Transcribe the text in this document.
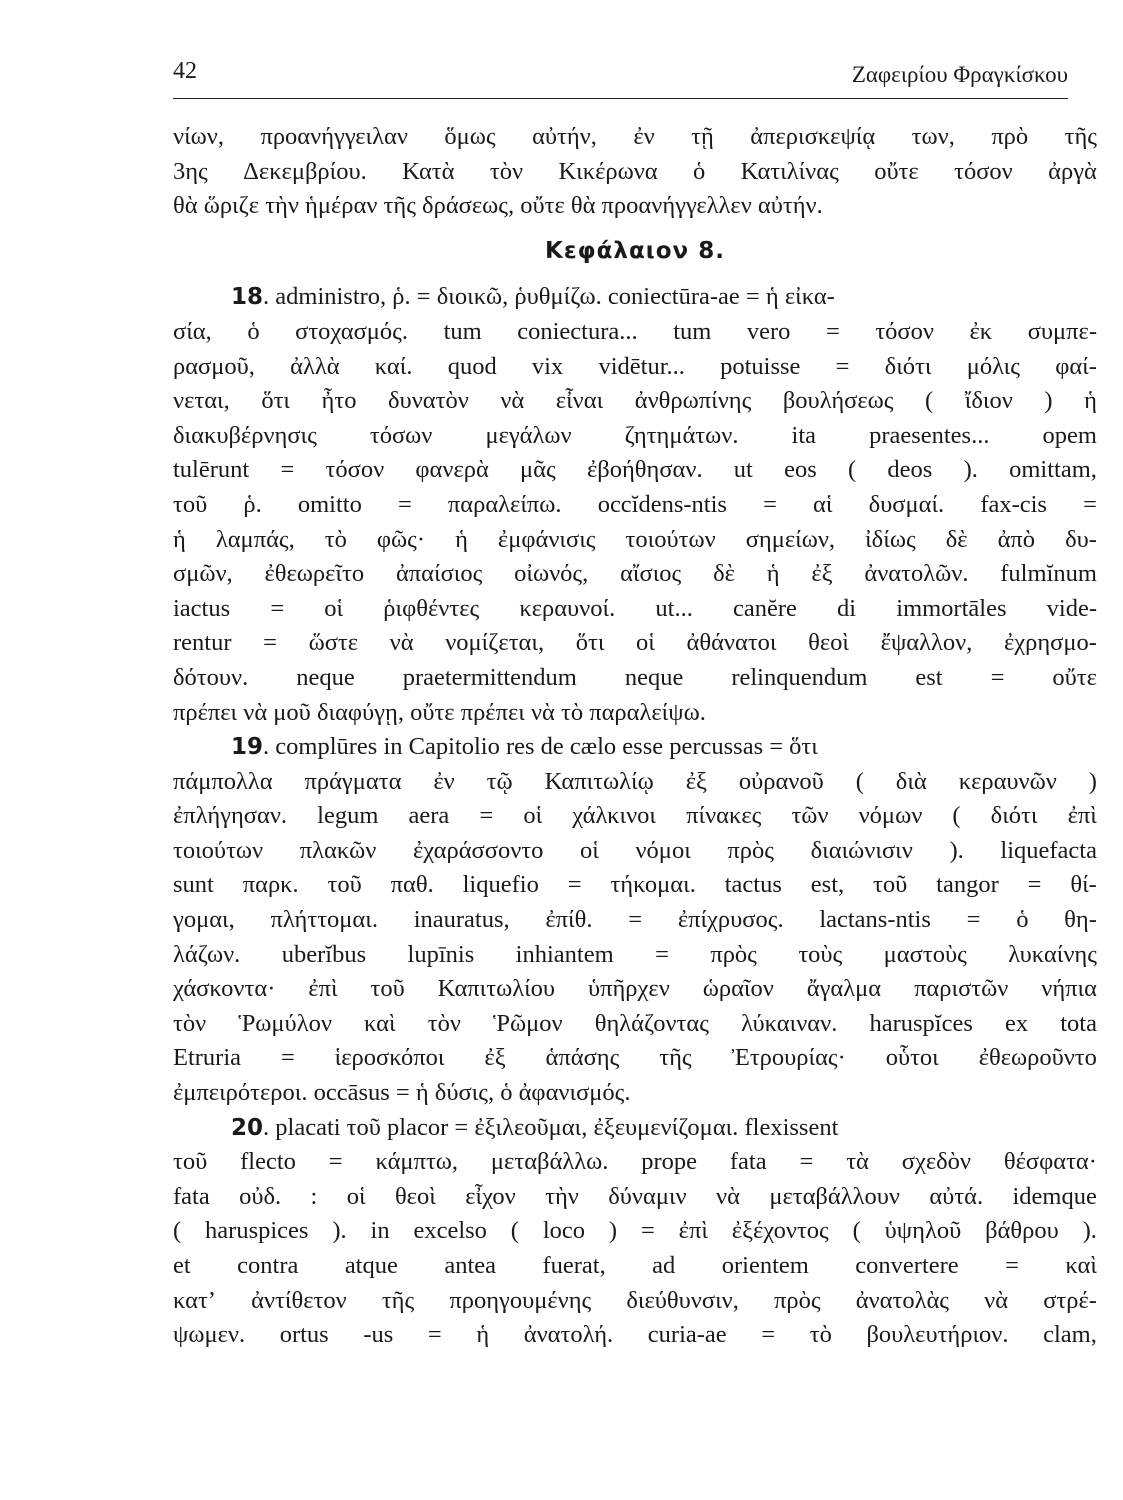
42	Ζαφειρίου Φραγκίσκου
νίων, προανήγγειλαν ὅμως αὐτήν, ἐν τῇ ἀπερισκεψίᾳ των, πρὸ τῆς
3ης Δεκεμβρίου. Κατὰ τὸν Κικέρωνα ὁ Κατιλίνας οὔτε τόσον ἀργὰ
θὰ ὥριζε τὴν ἡμέραν τῆς δράσεως, οὔτε θὰ προανήγγελλεν αὐτήν.
Κεφάλαιον 8.
18. administro, ῥ. = διοικῶ, ῥυθμίζω. coniectūra-ae = ἡ εἰκα-
σία, ὁ στοχασμός. tum coniectura... tum vero = τόσον ἐκ συμπε-
ρασμοῦ, ἀλλὰ καί. quod vix vidētur... potuisse = διότι μόλις φαί-
νεται, ὅτι ἦτο δυνατὸν νὰ εἶναι ἀνθρωπίνης βουλήσεως ( ἴδιον ) ἡ
διακυβέρνησις τόσων μεγάλων ζητημάτων. ita praesentes... opem
tulērunt = τόσον φανερὰ μᾶς ἐβοήθησαν. ut eos ( deos ). omittam,
τοῦ ῥ. omitto = παραλείπω. occĭdens-ntis = αἱ δυσμαί. fax-cis =
ἡ λαμπάς, τὸ φῶς· ἡ ἐμφάνισις τοιούτων σημείων, ἰδίως δὲ ἀπὸ δυ-
σμῶν, ἐθεωρεῖτο ἀπαίσιος οἰωνός, αἴσιος δὲ ἡ ἐξ ἀνατολῶν. fulmĭnum
iactus = οἱ ῥιφθέντες κεραυνοί. ut... canĕre di immortāles vide-
rentur = ὥστε νὰ νομίζεται, ὅτι οἱ ἀθάνατοι θεοὶ ἔψαλλον, ἐχρησμο-
δότουν. neque praetermittendum neque relinquendum est = οὔτε
πρέπει νὰ μοῦ διαφύγῃ, οὔτε πρέπει νὰ τὸ παραλείψω.
19. complūres in Capitolio res de cælo esse percussas = ὅτι
πάμπολλα πράγματα ἐν τῷ Καπιτωλίῳ ἐξ οὐρανοῦ ( διὰ κεραυνῶν )
ἐπλήγησαν. legum aera = οἱ χάλκινοι πίνακες τῶν νόμων ( διότι ἐπὶ
τοιούτων πλακῶν ἐχαράσσοντο οἱ νόμοι πρὸς διαιώνισιν ). liquefacta
sunt παρκ. τοῦ παθ. liquefio = τήκομαι. tactus est, τοῦ tangor = θί-
γομαι, πλήττομαι. inauratus, ἐπίθ. = ἐπίχρυσος. lactans-ntis = ὁ θη-
λάζων. uberĭbus lupīnis inhiantem = πρὸς τοὺς μαστοὺς λυκαίνης
χάσκοντα· ἐπὶ τοῦ Καπιτωλίου ὑπῆρχεν ὡραῖον ἄγαλμα παριστῶν νήπια
τὸν Ῥωμύλον καὶ τὸν Ῥῶμον θηλάζοντας λύκαιναν. haruspĭces ex tota
Etruria = ἱεροσκόποι ἐξ ἁπάσης τῆς Ἐτρουρίας· οὗτοι ἐθεωροῦντο
ἐμπειρότεροι. occāsus = ἡ δύσις, ὁ ἀφανισμός.
20. placati τοῦ placor = ἐξιλεοῦμαι, ἐξευμενίζομαι. flexissent
τοῦ flecto = κάμπτω, μεταβάλλω. prope fata = τὰ σχεδὸν θέσφατα·
fata οὐδ. : οἱ θεοὶ εἶχον τὴν δύναμιν νὰ μεταβάλλουν αὐτά. idemque
( haruspices ). in excelso ( loco ) = ἐπὶ ἐξέχοντος ( ὑψηλοῦ βάθρου ).
et contra atque antea fuerat, ad orientem convertere = καὶ
κατ’ ἀντίθετον τῆς προηγουμένης διεύθυνσιν, πρὸς ἀνατολὰς νὰ στρέ-
ψωμεν. ortus -us = ἡ ἀνατολή. curia-ae = τὸ βουλευτήριον. clam,
